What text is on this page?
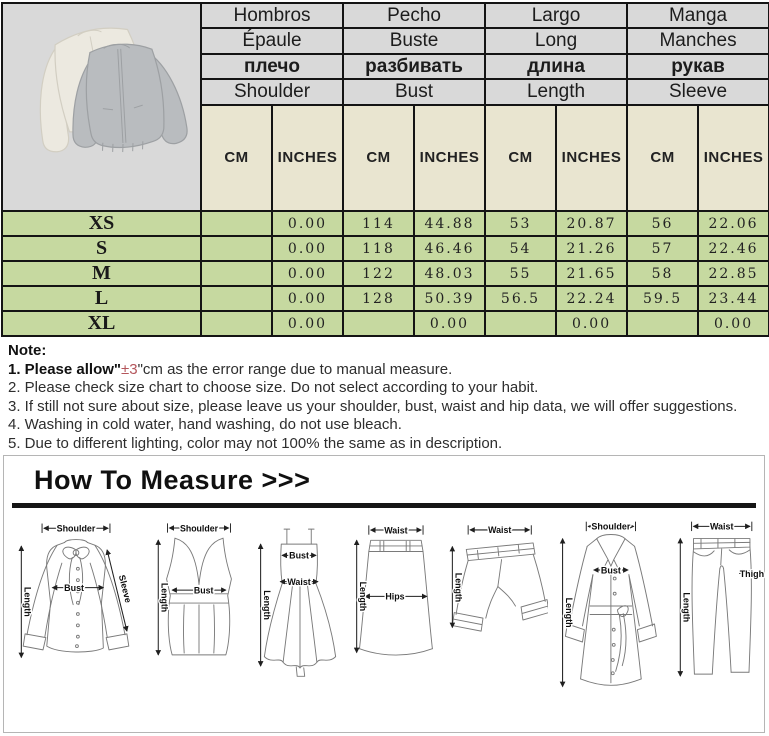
	Hombros		Pecho		Largo		Manga	
	Épaule		Buste		Long		Manches	
	плечо		разбивать		длина		рукав	
	Shoulder		Bust		Length		Sleeve	
	CM	INCHES	CM	INCHES	CM	INCHES	CM	INCHES
XS		0.00	114	44.88	53	20.87	56	22.06
S		0.00	118	46.46	54	21.26	57	22.46
M		0.00	122	48.03	55	21.65	58	22.85
L		0.00	128	50.39	56.5	22.24	59.5	23.44
XL		0.00		0.00		0.00		0.00
Note:
1. Please allow"±3"cm as the error range due to manual measure.
2. Please check size chart to choose size. Do not select according to your habit.
3. If still not sure about size, please leave us your shoulder, bust, waist and hip data, we will offer suggestions.
4. Washing in cold water, hand washing, do not use bleach.
5. Due to different lighting, color may not 100% the same as in description.
How To Measure >>>
Shoulder
Bust	Sleeve
Length
Shoulder
Bust
Length
Bust
Waist
Length
Waist
Hips
Length
Waist
Length
Shoulder
Bust
Length
Waist
Thigh
Length
